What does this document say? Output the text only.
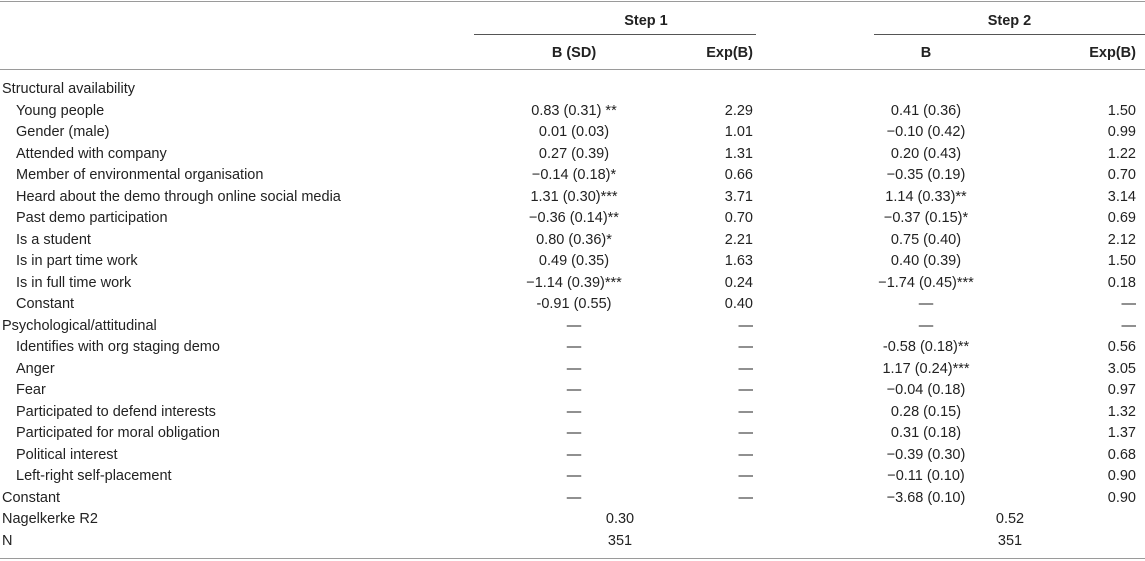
Step 1	Step 2
B (SD)	Exp(B)	B	Exp(B)
Structural availability
Young people	0.83 (0.31) **	2.29	0.41 (0.36)	1.50
Gender (male)	0.01 (0.03)	1.01	−0.10 (0.42)	0.99
Attended with company	0.27 (0.39)	1.31	0.20 (0.43)	1.22
Member of environmental organisation	−0.14 (0.18)*	0.66	−0.35 (0.19)	0.70
Heard about the demo through online social media	1.31 (0.30)***	3.71	1.14 (0.33)**	3.14
Past demo participation	−0.36 (0.14)**	0.70	−0.37 (0.15)*	0.69
Is a student	0.80 (0.36)*	2.21	0.75 (0.40)	2.12
Is in part time work	0.49 (0.35)	1.63	0.40 (0.39)	1.50
Is in full time work	−1.14 (0.39)***	0.24	−1.74 (0.45)***	0.18
Constant	-0.91 (0.55)	0.40	—	—
Psychological/attitudinal	—	—	—	—
Identifies with org staging demo	—	—	-0.58 (0.18)**	0.56
Anger	—	—	1.17 (0.24)***	3.05
Fear	—	—	−0.04 (0.18)	0.97
Participated to defend interests	—	—	0.28 (0.15)	1.32
Participated for moral obligation	—	—	0.31 (0.18)	1.37
Political interest	—	—	−0.39 (0.30)	0.68
Left-right self-placement	—	—	−0.11 (0.10)	0.90
Constant	—	—	−3.68 (0.10)	0.90
Nagelkerke R2	0.30	0.52
N	351	351
